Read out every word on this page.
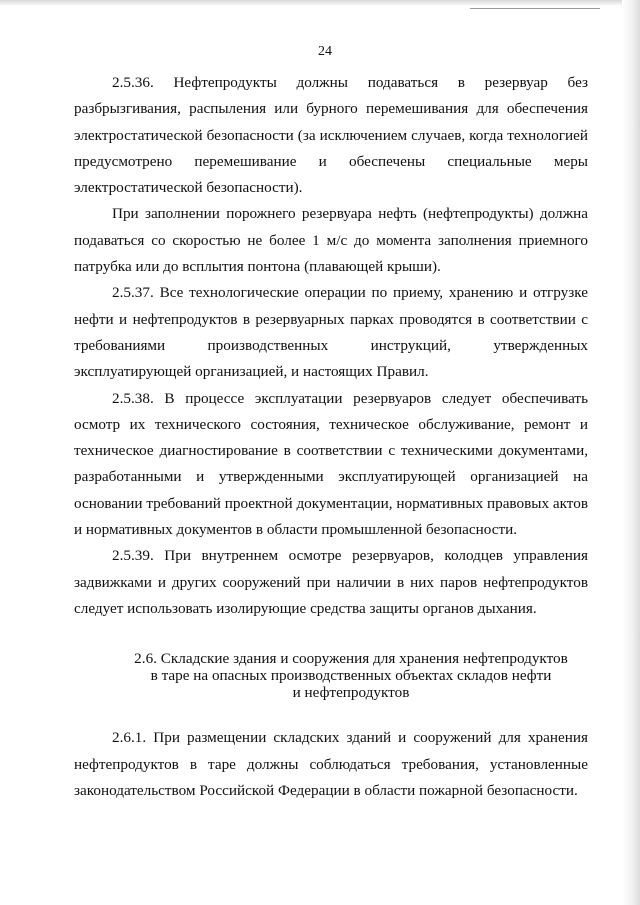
24

2.5.36. Нефтепродукты должны подаваться в резервуар без разбрызгивания, распыления или бурного перемешивания для обеспечения электростатической безопасности (за исключением случаев, когда технологией предусмотрено перемешивание и обеспечены специальные меры электростатической безопасности).

При заполнении порожнего резервуара нефть (нефтепродукты) должна подаваться со скоростью не более 1 м/с до момента заполнения приемного патрубка или до всплытия понтона (плавающей крыши).

2.5.37. Все технологические операции по приему, хранению и отгрузке нефти и нефтепродуктов в резервуарных парках проводятся в соответствии с требованиями производственных инструкций, утвержденных эксплуатирующей организацией, и настоящих Правил.

2.5.38. В процессе эксплуатации резервуаров следует обеспечивать осмотр их технического состояния, техническое обслуживание, ремонт и техническое диагностирование в соответствии с техническими документами, разработанными и утвержденными эксплуатирующей организацией на основании требований проектной документации, нормативных правовых актов и нормативных документов в области промышленной безопасности.

2.5.39. При внутреннем осмотре резервуаров, колодцев управления задвижками и других сооружений при наличии в них паров нефтепродуктов следует использовать изолирующие средства защиты органов дыхания.

2.6. Складские здания и сооружения для хранения нефтепродуктов
в таре на опасных производственных объектах складов нефти
и нефтепродуктов

2.6.1. При размещении складских зданий и сооружений для хранения нефтепродуктов в таре должны соблюдаться требования, установленные законодательством Российской Федерации в области пожарной безопасности.
